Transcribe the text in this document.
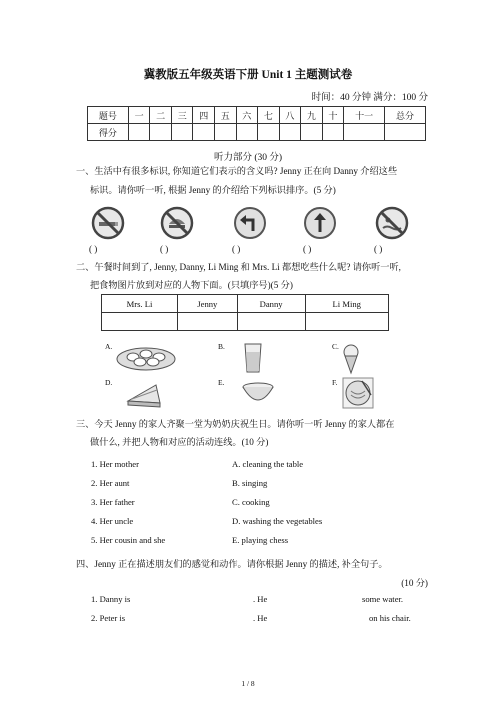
冀教版五年级英语下册 Unit 1 主题测试卷
时间：40 分钟 满分：100 分
题号	一	二	三	四	五	六	七	八	九	十	十一	总分
得分												
听力部分 (30 分)
一、生活中有很多标识, 你知道它们表示的含义吗? Jenny 正在向 Danny 介绍这些
标识。请你听一听, 根据 Jenny 的介绍给下列标识排序。(5 分)
( )	( )	( )	( )	( )
二、午餐时间到了, Jenny, Danny, Li Ming 和 Mrs. Li 都想吃些什么呢? 请你听一听,
把食物图片放到对应的人物下面。(只填序号)(5 分)
Mrs. Li	Jenny	Danny	Li Ming

A.	B.	C.
D.	E.	F.
三、今天 Jenny 的家人齐聚一堂为奶奶庆祝生日。请你听一听 Jenny 的家人都在
做什么, 并把人物和对应的活动连线。(10 分)
1. Her mother
2. Her aunt
3. Her father
4. Her uncle
5. Her cousin and she
A. cleaning the table
B. singing
C. cooking
D. washing the vegetables
E. playing chess
四、Jenny 正在描述朋友们的感觉和动作。请你根据 Jenny 的描述, 补全句子。
(10 分)
1. Danny is	. He	some water.
2. Peter is	. He	on his chair.
1 / 8
